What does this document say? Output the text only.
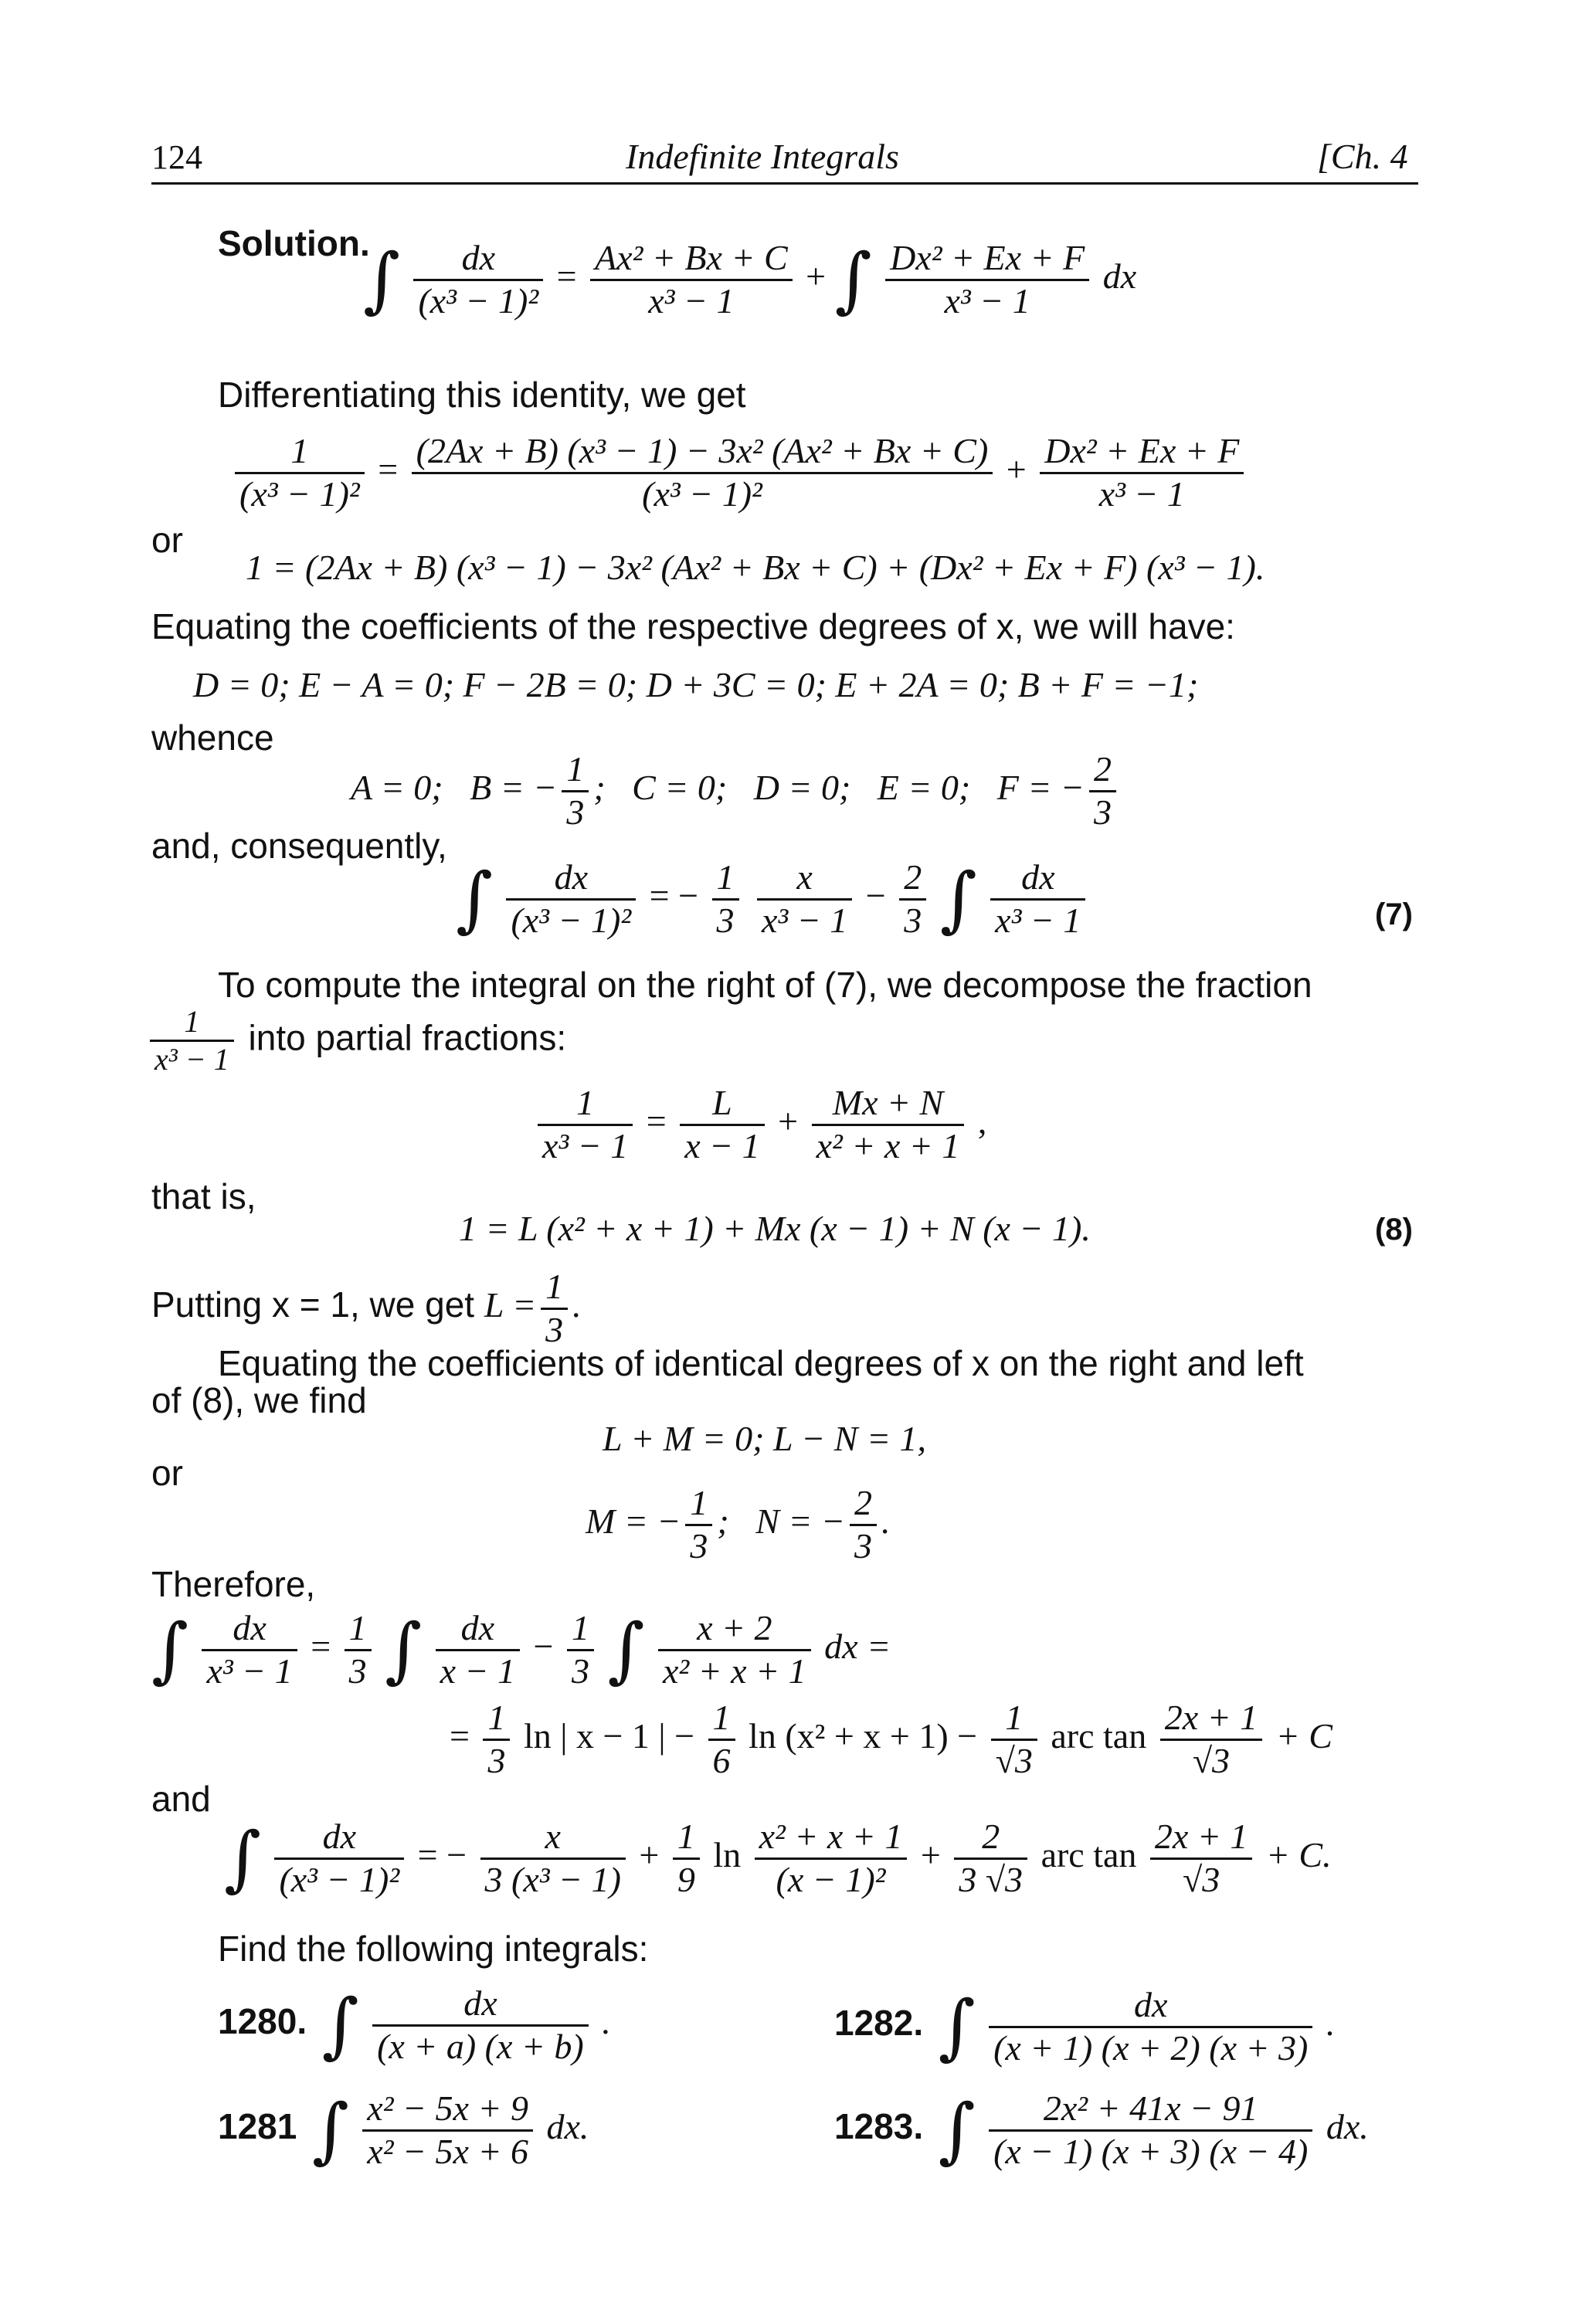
124	Indefinite Integrals	[Ch. 4
Solution.
∫ $\frac{dx}{\text{(x³ − 1)²}} = \frac{\text{Ax² + Bx + C}}{\text{x³ − 1}}$ + ∫ $\frac{\text{Dx² + Ex + F}}{\text{x³ − 1}}$ dx
Differentiating this identity, we get
$\frac{1}{\text{(x³ − 1)²}} = \frac{\text{(2Ax + B) (x³ − 1) − 3x² (Ax² + Bx + C)}}{\text{(x³ − 1)²}} + \frac{\text{Dx² + Ex + F}}{\text{x³ − 1}}$
or
1 = (2Ax + B) (x³ − 1) − 3x² (Ax² + Bx + C) + (Dx² + Ex + F) (x³ − 1).
Equating the coefficients of the respective degrees of x, we will have:
D = 0; E − A = 0; F − 2B = 0; D + 3C = 0; E + 2A = 0; B + F = −1;
whence
A = 0; B = − $\frac{1}{3}$ ; C = 0; D = 0; E = 0; F = − $\frac{2}{3}$
and, consequently,
∫ $\frac{dx}{\text{(x³ − 1)²}}$ = − $\frac{1}{3}$
$\frac{x}{\text{x³ − 1}} - \frac{2}{3}$ ∫ $\frac{dx}{\text{x³ − 1}}$	(7)
To compute the integral on the right of (7), we decompose the fraction
$\frac{1}{\text{x³ − 1}}$ into partial fractions:
$\frac{1}{\text{x³ − 1}} = \frac{L}{x - 1} + \frac{Mx + N}{\text{x² + x + 1}}$ ,
that is,
1 = L (x² + x + 1) + Mx (x − 1) + N (x − 1).	(8)
Putting x = 1, we get $L = \frac{1}{3}$ .
Equating the coefficients of identical degrees of x on the right and left
of (8), we find
L + M = 0; L − N = 1,
or
M = − $\frac{1}{3}$ ; N = − $\frac{2}{3}$ .
Therefore,
∫ $\frac{dx}{\text{x³ − 1}} = \frac{1}{3}$ ∫ $\frac{dx}{x - 1} - \frac{1}{3}$ ∫ $\frac{x + 2}{\text{x² + x + 1}}$ dx =
= $\frac{1}{3}$ ln | x − 1 | − $\frac{1}{6}$ $\ln (x^2 + x + 1) - \frac{1}{√3}$ arc $\tan \frac{2x + 1}{√3} + C$
and
∫ $\frac{dx}{\text{(x³ − 1)²}}$ = − $\frac{x}{\text{3 (x³ − 1)}} + \frac{1}{9}$ $\ln \frac{\text{x² + x + 1}}{\text{(x − 1)²}} + \frac{2}{3 √3}$ arc $\tan \frac{2x + 1}{√3} + C$.
Find the following integrals:
1280. ∫ $\frac{dx}{(x + a) (x + b)}$ .	1282. ∫ $\frac{dx}{(x + 1) (x + 2) (x + 3)}$ .
1281 ∫ $\frac{\text{x² − 5x + 9}}{\text{x² − 5x + 6}}$ dx.	1283. ∫ $\frac{\text{2x² + 41x − 91}}{(x - 1) (x + 3) (x - 4)}$ dx.
